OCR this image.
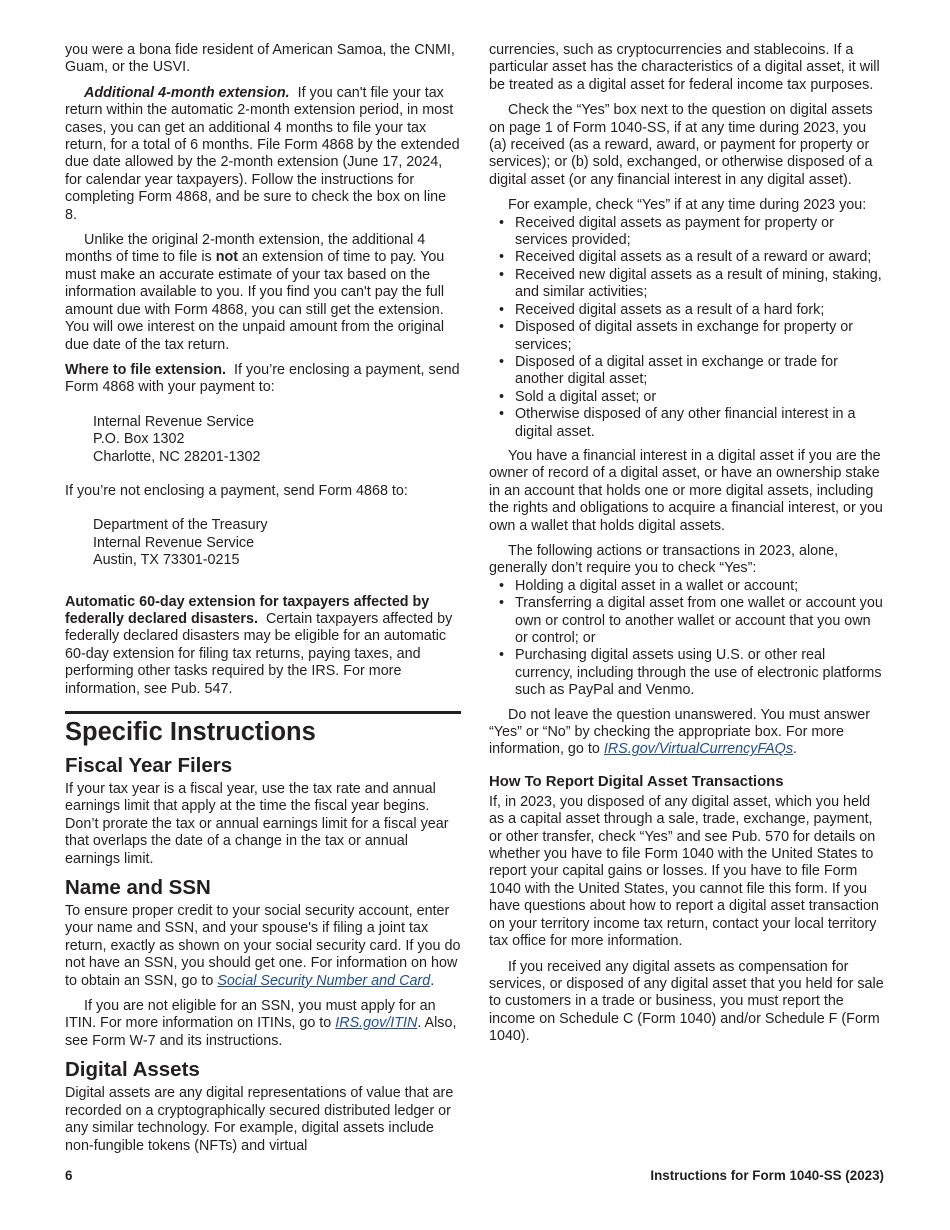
you were a bona fide resident of American Samoa, the CNMI, Guam, or the USVI.

Additional 4-month extension. If you can't file your tax return within the automatic 2-month extension period, in most cases, you can get an additional 4 months to file your tax return, for a total of 6 months. File Form 4868 by the extended due date allowed by the 2-month extension (June 17, 2024, for calendar year taxpayers). Follow the instructions for completing Form 4868, and be sure to check the box on line 8.

Unlike the original 2-month extension, the additional 4 months of time to file is not an extension of time to pay. You must make an accurate estimate of your tax based on the information available to you. If you find you can't pay the full amount due with Form 4868, you can still get the extension. You will owe interest on the unpaid amount from the original due date of the tax return.

Where to file extension. If you’re enclosing a payment, send Form 4868 with your payment to:

Internal Revenue Service
P.O. Box 1302
Charlotte, NC 28201-1302

If you’re not enclosing a payment, send Form 4868 to:

Department of the Treasury
Internal Revenue Service
Austin, TX 73301-0215

Automatic 60-day extension for taxpayers affected by federally declared disasters. Certain taxpayers affected by federally declared disasters may be eligible for an automatic 60-day extension for filing tax returns, paying taxes, and performing other tasks required by the IRS. For more information, see Pub. 547.

Specific Instructions
Fiscal Year Filers

If your tax year is a fiscal year, use the tax rate and annual earnings limit that apply at the time the fiscal year begins. Don’t prorate the tax or annual earnings limit for a fiscal year that overlaps the date of a change in the tax or annual earnings limit.

Name and SSN

To ensure proper credit to your social security account, enter your name and SSN, and your spouse's if filing a joint tax return, exactly as shown on your social security card. If you do not have an SSN, you should get one. For information on how to obtain an SSN, go to Social Security Number and Card.

If you are not eligible for an SSN, you must apply for an ITIN. For more information on ITINs, go to IRS.gov/ITIN. Also, see Form W-7 and its instructions.

Digital Assets

Digital assets are any digital representations of value that are recorded on a cryptographically secured distributed ledger or any similar technology. For example, digital assets include non-fungible tokens (NFTs) and virtual

currencies, such as cryptocurrencies and stablecoins. If a particular asset has the characteristics of a digital asset, it will be treated as a digital asset for federal income tax purposes.

Check the “Yes” box next to the question on digital assets on page 1 of Form 1040-SS, if at any time during 2023, you (a) received (as a reward, award, or payment for property or services); or (b) sold, exchanged, or otherwise disposed of a digital asset (or any financial interest in any digital asset).

For example, check “Yes” if at any time during 2023 you:

• Received digital assets as payment for property or services provided;
• Received digital assets as a result of a reward or award;
• Received new digital assets as a result of mining, staking, and similar activities;
• Received digital assets as a result of a hard fork;
• Disposed of digital assets in exchange for property or services;
• Disposed of a digital asset in exchange or trade for another digital asset;
• Sold a digital asset; or
• Otherwise disposed of any other financial interest in a digital asset.

You have a financial interest in a digital asset if you are the owner of record of a digital asset, or have an ownership stake in an account that holds one or more digital assets, including the rights and obligations to acquire a financial interest, or you own a wallet that holds digital assets.

The following actions or transactions in 2023, alone, generally don’t require you to check “Yes”:

• Holding a digital asset in a wallet or account;
• Transferring a digital asset from one wallet or account you own or control to another wallet or account that you own or control; or
• Purchasing digital assets using U.S. or other real currency, including through the use of electronic platforms such as PayPal and Venmo.

Do not leave the question unanswered. You must answer “Yes” or “No” by checking the appropriate box. For more information, go to IRS.gov/VirtualCurrencyFAQs.

How To Report Digital Asset Transactions

If, in 2023, you disposed of any digital asset, which you held as a capital asset through a sale, trade, exchange, payment, or other transfer, check “Yes” and see Pub. 570 for details on whether you have to file Form 1040 with the United States to report your capital gains or losses. If you have to file Form 1040 with the United States, you cannot file this form. If you have questions about how to report a digital asset transaction on your territory income tax return, contact your local territory tax office for more information.

If you received any digital assets as compensation for services, or disposed of any digital asset that you held for sale to customers in a trade or business, you must report the income on Schedule C (Form 1040) and/or Schedule F (Form 1040).

6	Instructions for Form 1040-SS (2023)
